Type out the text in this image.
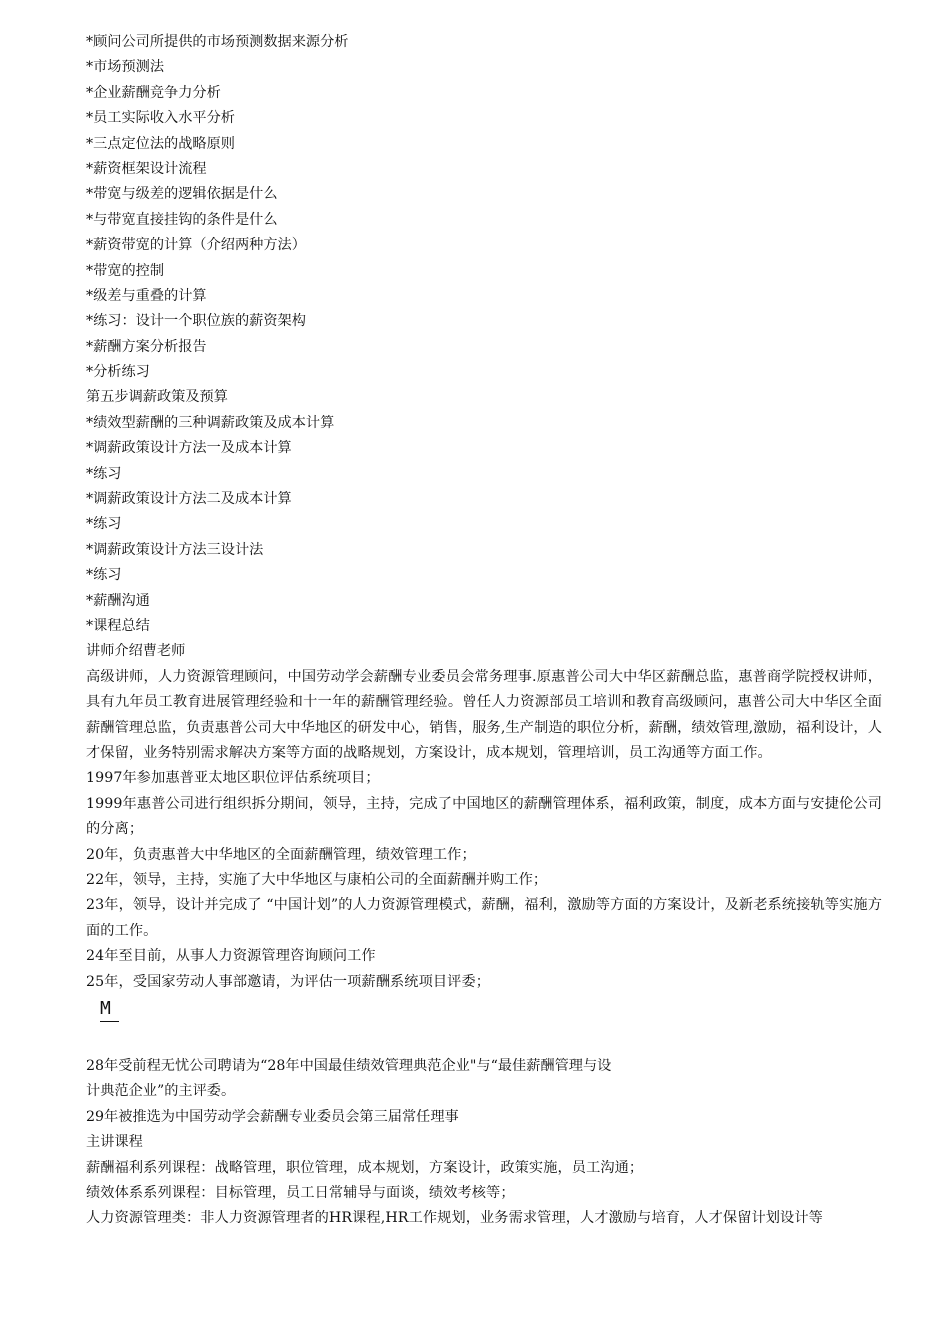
*顾问公司所提供的市场预测数据来源分析
*市场预测法
*企业薪酬竞争力分析
*员工实际收入水平分析
*三点定位法的战略原则
*薪资框架设计流程
*带宽与级差的逻辑依据是什么
*与带宽直接挂钩的条件是什么
*薪资带宽的计算（介绍两种方法）
*带宽的控制
*级差与重叠的计算
*练习：设计一个职位族的薪资架构
*薪酬方案分析报告
*分析练习
第五步调薪政策及预算
*绩效型薪酬的三种调薪政策及成本计算
*调薪政策设计方法一及成本计算
*练习
*调薪政策设计方法二及成本计算
*练习
*调薪政策设计方法三设计法
*练习
*薪酬沟通
*课程总结
讲师介绍曹老师
高级讲师，人力资源管理顾问，中国劳动学会薪酬专业委员会常务理事.原惠普公司大中华区薪酬总监，惠普商学院授权讲师，具有九年员工教育进展管理经验和十一年的薪酬管理经验。曾任人力资源部员工培训和教育高级顾问，惠普公司大中华区全面薪酬管理总监，负责惠普公司大中华地区的研发中心，销售，服务,生产制造的职位分析，薪酬，绩效管理,激励，福利设计，人才保留，业务特别需求解决方案等方面的战略规划，方案设计，成本规划，管理培训，员工沟通等方面工作。
1997年参加惠普亚太地区职位评估系统项目；
1999年惠普公司进行组织拆分期间，领导，主持，完成了中国地区的薪酬管理体系，福利政策，制度，成本方面与安捷伦公司的分离；
20年，负责惠普大中华地区的全面薪酬管理，绩效管理工作；
22年，领导，主持，实施了大中华地区与康柏公司的全面薪酬并购工作；
23年，领导，设计并完成了 “中国计划”的人力资源管理模式，薪酬，福利，激励等方面的方案设计，及新老系统接轨等实施方面的工作。
24年至目前，从事人力资源管理咨询顾问工作
25年，受国家劳动人事部邀请，为评估一项薪酬系统项目评委；
M
28年受前程无忧公司聘请为“28年中国最佳绩效管理典范企业"与“最佳薪酬管理与设
计典范企业”的主评委。
29年被推选为中国劳动学会薪酬专业委员会第三届常任理事
主讲课程
薪酬福利系列课程：战略管理，职位管理，成本规划，方案设计，政策实施，员工沟通；
绩效体系系列课程：目标管理，员工日常辅导与面谈，绩效考核等；
人力资源管理类：非人力资源管理者的HR课程,HR工作规划，业务需求管理，人才激励与培育，人才保留计划设计等
